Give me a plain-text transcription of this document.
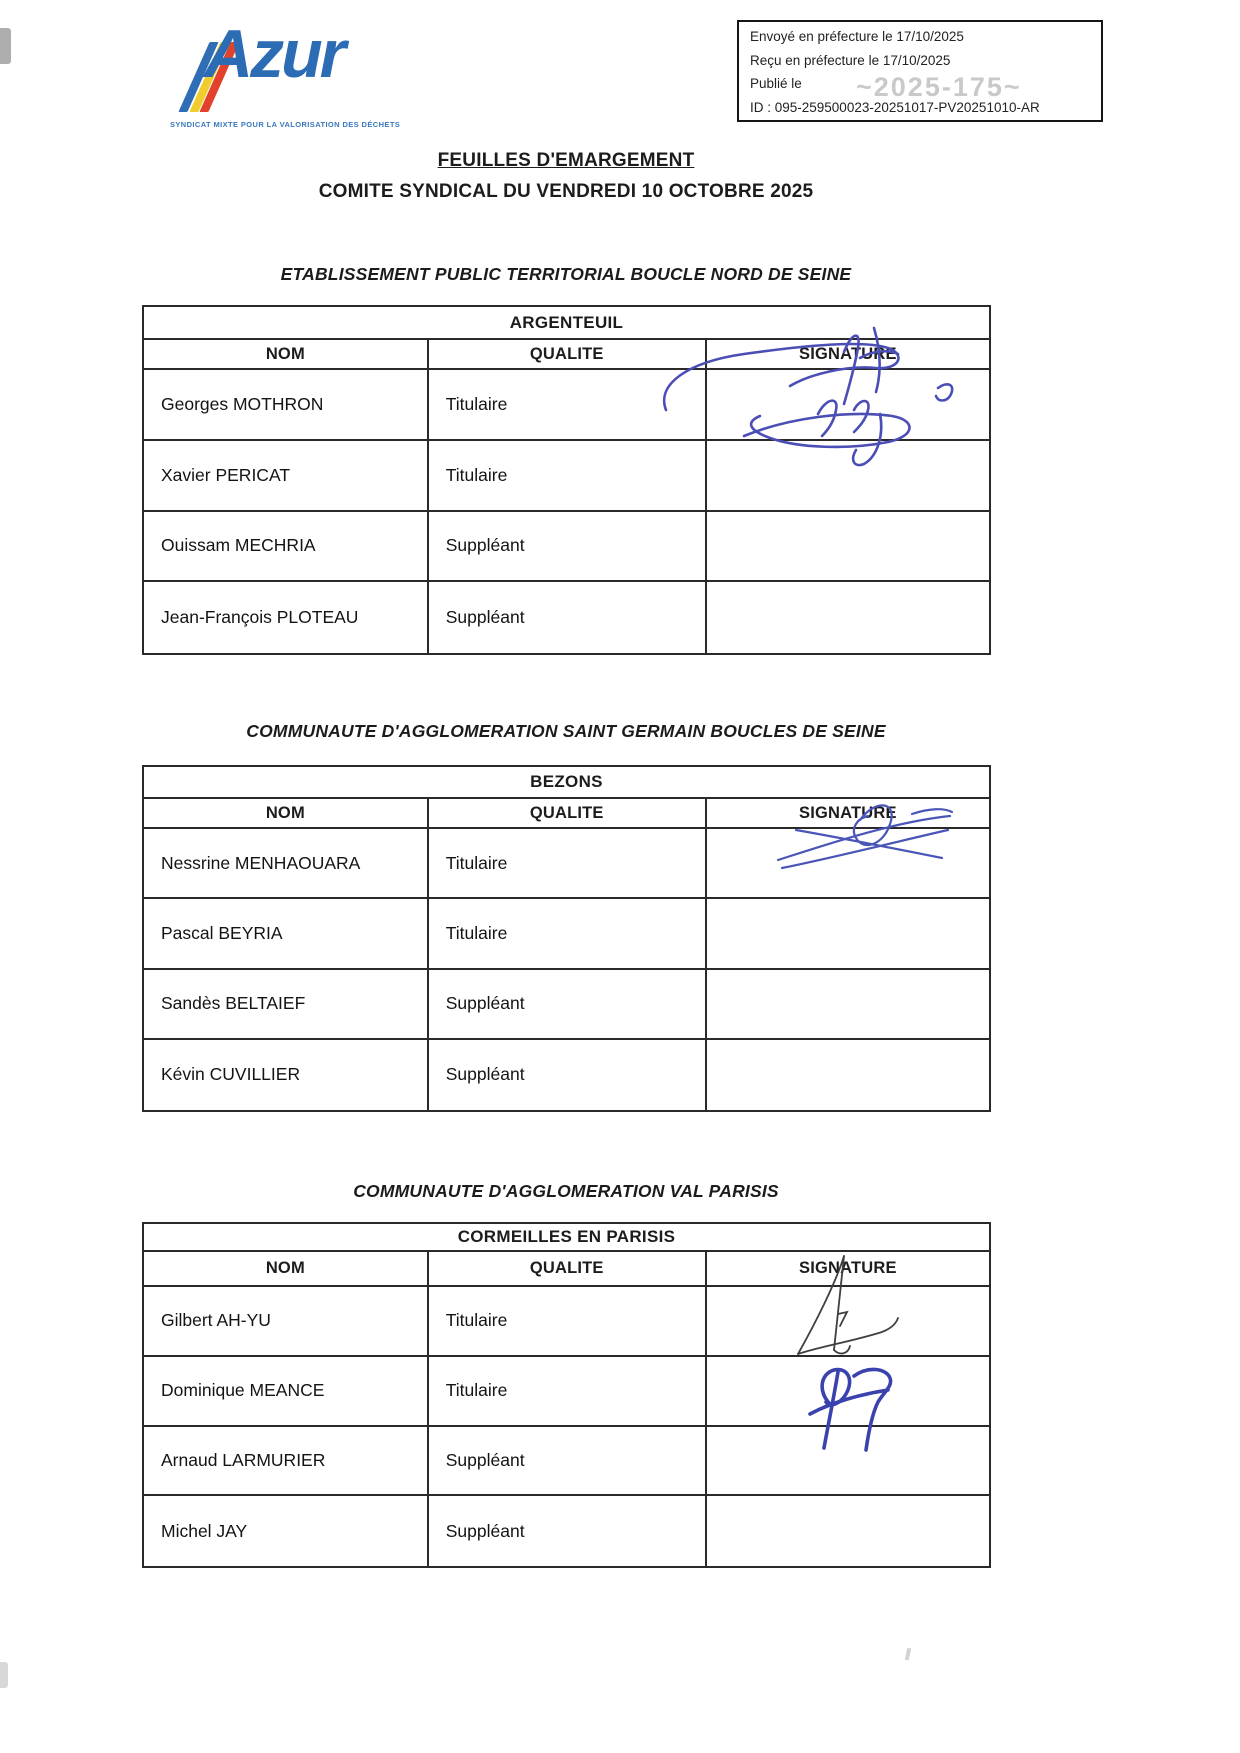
Azur
SYNDICAT MIXTE POUR LA VALORISATION DES DÉCHETS
~2025-175~
Envoyé en préfecture le 17/10/2025
Reçu en préfecture le 17/10/2025
Publié le
ID : 095-259500023-20251017-PV20251010-AR
FEUILLES D'EMARGEMENT
COMITE SYNDICAL DU VENDREDI 10 OCTOBRE 2025
ETABLISSEMENT PUBLIC TERRITORIAL BOUCLE NORD DE SEINE
ARGENTEUIL
NOM	QUALITE	SIGNATURE
Georges MOTHRON	Titulaire
Xavier PERICAT	Titulaire
Ouissam MECHRIA	Suppléant
Jean-François PLOTEAU	Suppléant
COMMUNAUTE D'AGGLOMERATION SAINT GERMAIN BOUCLES DE SEINE
BEZONS
NOM	QUALITE	SIGNATURE
Nessrine MENHAOUARA	Titulaire
Pascal BEYRIA	Titulaire
Sandès BELTAIEF	Suppléant
Kévin CUVILLIER	Suppléant
COMMUNAUTE D'AGGLOMERATION VAL PARISIS
CORMEILLES EN PARISIS
NOM	QUALITE	SIGNATURE
Gilbert AH-YU	Titulaire
Dominique MEANCE	Titulaire
Arnaud LARMURIER	Suppléant
Michel JAY	Suppléant
